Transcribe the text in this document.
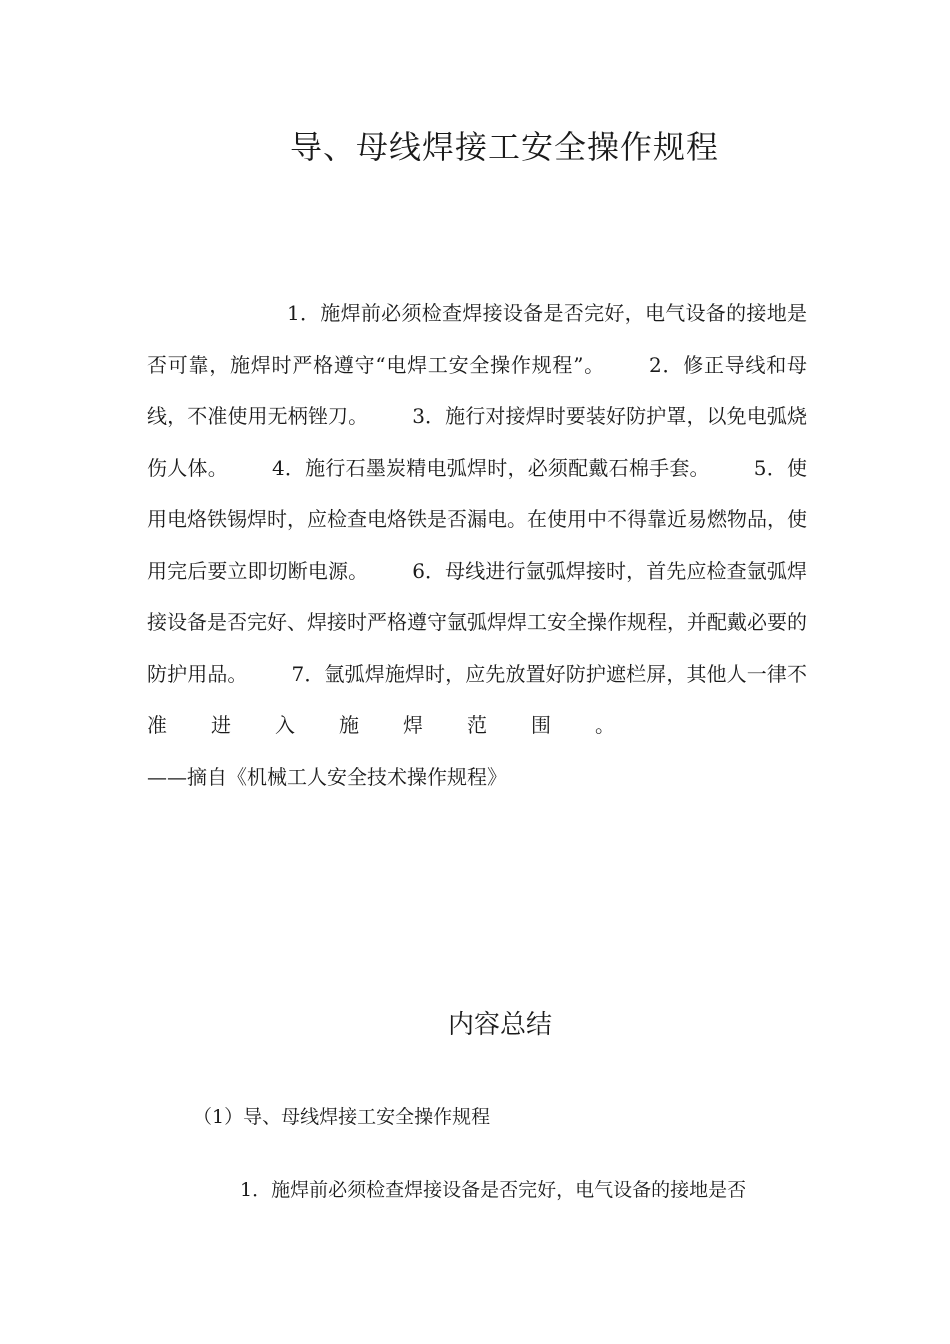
导、母线焊接工安全操作规程

1．施焊前必须检查焊接设备是否完好，电气设备的接地是否可靠，施焊时严格遵守“电焊工安全操作规程”。 2．修正导线和母线，不准使用无柄锉刀。 3．施行对接焊时要装好防护罩，以免电弧烧伤人体。 4．施行石墨炭精电弧焊时，必须配戴石棉手套。 5．使用电烙铁锡焊时，应检查电烙铁是否漏电。在使用中不得靠近易燃物品，使用完后要立即切断电源。 6．母线进行氩弧焊接时，首先应检查氩弧焊接设备是否完好、焊接时严格遵守氩弧焊焊工安全操作规程，并配戴必要的防护用品。 7．氩弧焊施焊时，应先放置好防护遮栏屏，其他人一律不准进入施焊范围。——摘自《机械工人安全技术操作规程》

内容总结

（1）导、母线焊接工安全操作规程

1．施焊前必须检查焊接设备是否完好，电气设备的接地是否
